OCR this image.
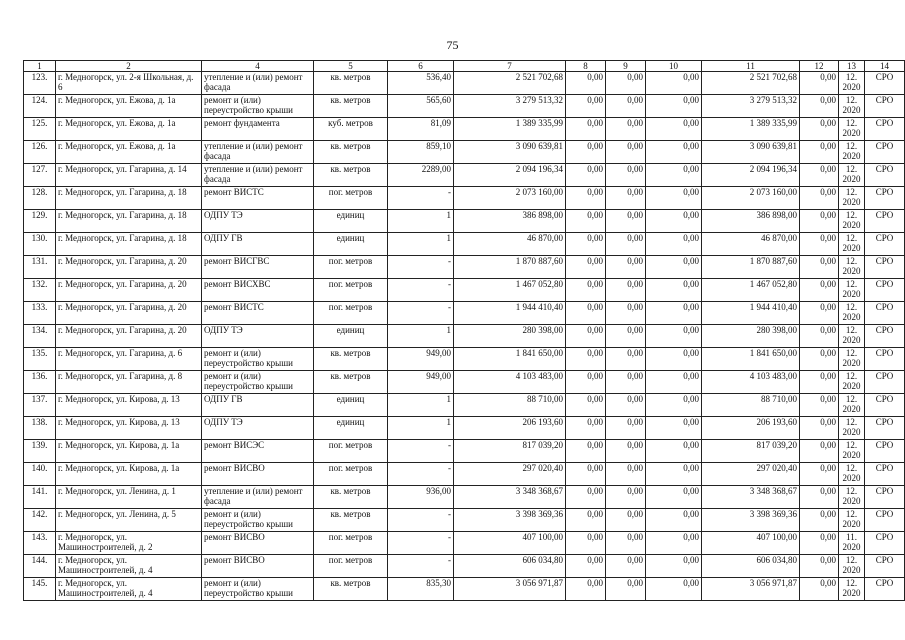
75
1	2	4	5	6	7	8	9	10	11	12	13	14
123.	г. Медногорск, ул. 2-я Школьная, д. 6	утепление и (или) ремонт фасада	кв. метров	536,40	2 521 702,68	0,00	0,00	0,00	2 521 702,68	0,00	12. 2020	СРО
124.	г. Медногорск, ул. Ежова, д. 1а	ремонт и (или) переустройство крыши	кв. метров	565,60	3 279 513,32	0,00	0,00	0,00	3 279 513,32	0,00	12. 2020	СРО
125.	г. Медногорск, ул. Ежова, д. 1а	ремонт фундамента	куб. метров	81,09	1 389 335,99	0,00	0,00	0,00	1 389 335,99	0,00	12. 2020	СРО
126.	г. Медногорск, ул. Ежова, д. 1а	утепление и (или) ремонт фасада	кв. метров	859,10	3 090 639,81	0,00	0,00	0,00	3 090 639,81	0,00	12. 2020	СРО
127.	г. Медногорск, ул. Гагарина, д. 14	утепление и (или) ремонт фасада	кв. метров	2289,00	2 094 196,34	0,00	0,00	0,00	2 094 196,34	0,00	12. 2020	СРО
128.	г. Медногорск, ул. Гагарина, д. 18	ремонт ВИСТС	пог. метров	-	2 073 160,00	0,00	0,00	0,00	2 073 160,00	0,00	12. 2020	СРО
129.	г. Медногорск, ул. Гагарина, д. 18	ОДПУ ТЭ	единиц	1	386 898,00	0,00	0,00	0,00	386 898,00	0,00	12. 2020	СРО
130.	г. Медногорск, ул. Гагарина, д. 18	ОДПУ ГВ	единиц	1	46 870,00	0,00	0,00	0,00	46 870,00	0,00	12. 2020	СРО
131.	г. Медногорск, ул. Гагарина, д. 20	ремонт ВИСГВС	пог. метров	-	1 870 887,60	0,00	0,00	0,00	1 870 887,60	0,00	12. 2020	СРО
132.	г. Медногорск, ул. Гагарина, д. 20	ремонт ВИСХВС	пог. метров	-	1 467 052,80	0,00	0,00	0,00	1 467 052,80	0,00	12. 2020	СРО
133.	г. Медногорск, ул. Гагарина, д. 20	ремонт ВИСТС	пог. метров	-	1 944 410,40	0,00	0,00	0,00	1 944 410,40	0,00	12. 2020	СРО
134.	г. Медногорск, ул. Гагарина, д. 20	ОДПУ ТЭ	единиц	1	280 398,00	0,00	0,00	0,00	280 398,00	0,00	12. 2020	СРО
135.	г. Медногорск, ул. Гагарина, д. 6	ремонт и (или) переустройство крыши	кв. метров	949,00	1 841 650,00	0,00	0,00	0,00	1 841 650,00	0,00	12. 2020	СРО
136.	г. Медногорск, ул. Гагарина, д. 8	ремонт и (или) переустройство крыши	кв. метров	949,00	4 103 483,00	0,00	0,00	0,00	4 103 483,00	0,00	12. 2020	СРО
137.	г. Медногорск, ул. Кирова, д. 13	ОДПУ ГВ	единиц	1	88 710,00	0,00	0,00	0,00	88 710,00	0,00	12. 2020	СРО
138.	г. Медногорск, ул. Кирова, д. 13	ОДПУ ТЭ	единиц	1	206 193,60	0,00	0,00	0,00	206 193,60	0,00	12. 2020	СРО
139.	г. Медногорск, ул. Кирова, д. 1а	ремонт ВИСЭС	пог. метров	-	817 039,20	0,00	0,00	0,00	817 039,20	0,00	12. 2020	СРО
140.	г. Медногорск, ул. Кирова, д. 1а	ремонт ВИСВО	пог. метров	-	297 020,40	0,00	0,00	0,00	297 020,40	0,00	12. 2020	СРО
141.	г. Медногорск, ул. Ленина, д. 1	утепление и (или) ремонт фасада	кв. метров	936,00	3 348 368,67	0,00	0,00	0,00	3 348 368,67	0,00	12. 2020	СРО
142.	г. Медногорск, ул. Ленина, д. 5	ремонт и (или) переустройство крыши	кв. метров	-	3 398 369,36	0,00	0,00	0,00	3 398 369,36	0,00	12. 2020	СРО
143.	г. Медногорск, ул. Машиностроителей, д. 2	ремонт ВИСВО	пог. метров	-	407 100,00	0,00	0,00	0,00	407 100,00	0,00	11. 2020	СРО
144.	г. Медногорск, ул. Машиностроителей, д. 4	ремонт ВИСВО	пог. метров	-	606 034,80	0,00	0,00	0,00	606 034,80	0,00	12. 2020	СРО
145.	г. Медногорск, ул. Машиностроителей, д. 4	ремонт и (или) переустройство крыши	кв. метров	835,30	3 056 971,87	0,00	0,00	0,00	3 056 971,87	0,00	12. 2020	СРО
